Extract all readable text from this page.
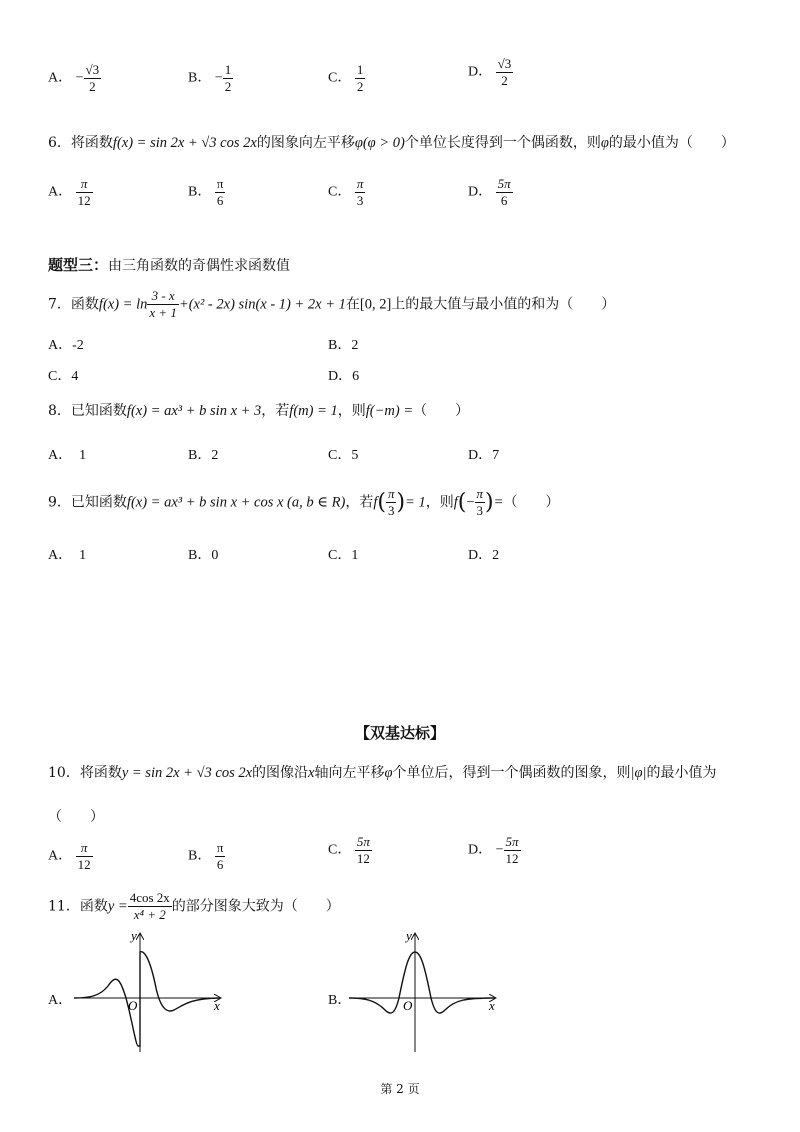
A． − $\frac{√3}{2}$	B． − $\frac{1}{2}$	C． $\frac{1}{2}$	D． $\frac{√3}{2}$
6．将函数f(x) = sin 2x + √3 cos 2x的图象向左平移φ(φ > 0)个单位长度得到一个偶函数，则φ的最小值为（　　）
A． $\frac{\pi}{12}$	B． $\frac{\pi}{6}$	C． $\frac{\pi}{3}$	D． $\frac{5\pi}{6}$
题型三：由三角函数的奇偶性求函数值
7．函数$f(x) = \ln \frac{3 - x}{x + 1} +(x^2 - 2x)$ sin(x - 1) + 2x + 1在[0, 2]上的最大值与最小值的和为（　　）
A．-2	B．2
C．4	D．6
8．已知函数f(x) = ax³ + b sin x + 3，若f(m) = 1，则f(−m) =（　　）
A． 1	B．2	C．5	D．7
9．已知函数f(x) = ax³ + b sin x + cos x (a, b ∈ R)，若$f( \frac{\pi}{3}$ )= 1，则$f(- \frac{\pi}{3}$ )=（　　）
A． 1	B．0	C．1	D．2
【双基达标】
10．将函数y = sin 2x + √3 cos 2x的图像沿x轴向左平移φ个单位后，得到一个偶函数的图象，则|φ|的最小值为
（　　）
A． $\frac{\pi}{12}$	B． $\frac{\pi}{6}$	C． $\frac{5\pi}{12}$	D． − $\frac{5\pi}{12}$
11．函数$y = \frac{4\cos 2x}{\text{x⁴ + 2}}$ 的部分图象大致为（　　）
A．
y
x
O	B．
y
x
O
第 2 页
